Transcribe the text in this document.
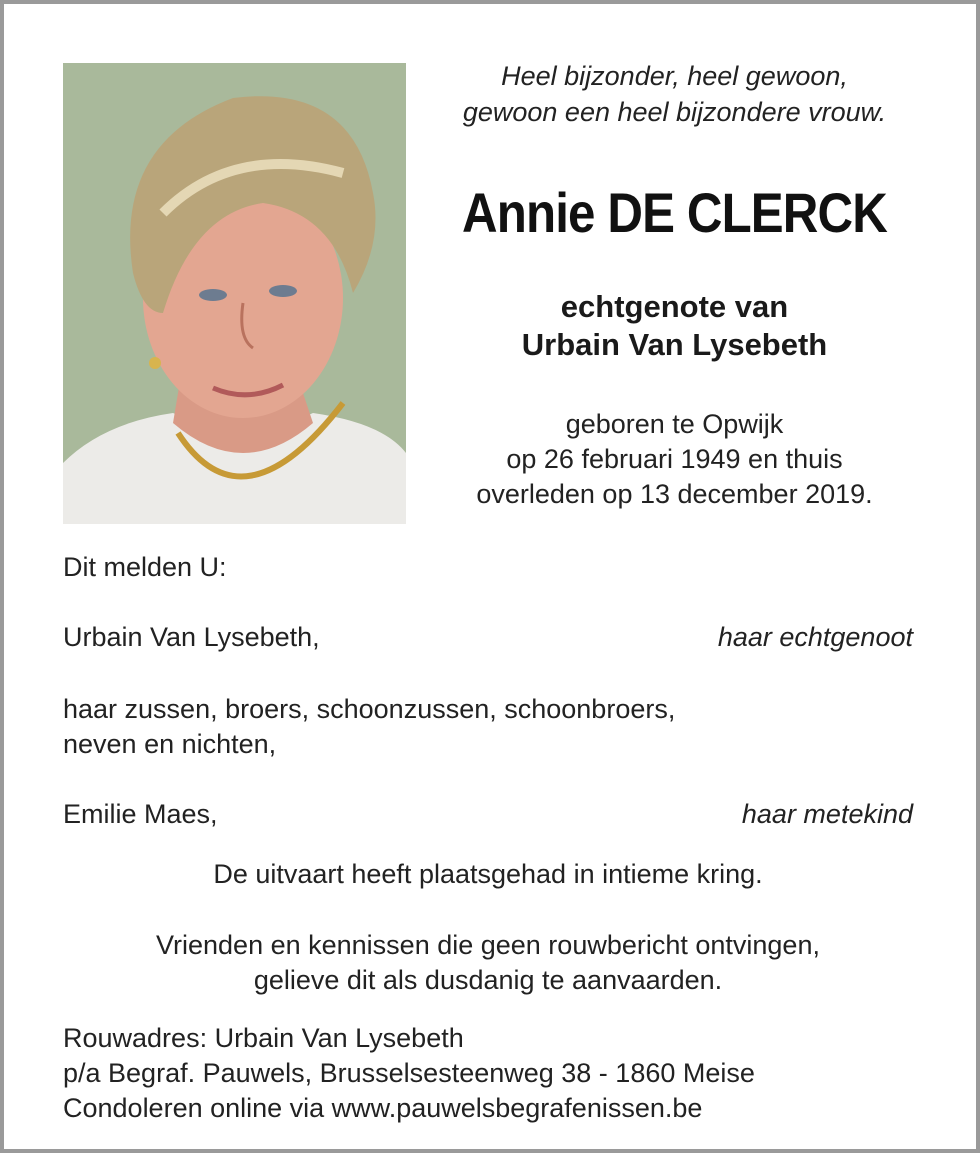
Heel bijzonder, heel gewoon,
gewoon een heel bijzondere vrouw.
Annie DE CLERCK
echtgenote van
Urbain Van Lysebeth
geboren te Opwijk
op 26 februari 1949 en thuis
overleden op 13 december 2019.
Dit melden U:
Urbain Van Lysebeth,	haar echtgenoot
haar zussen, broers, schoonzussen, schoonbroers,
neven en nichten,
Emilie Maes,	haar metekind
De uitvaart heeft plaatsgehad in intieme kring.
Vrienden en kennissen die geen rouwbericht ontvingen,
gelieve dit als dusdanig te aanvaarden.
Rouwadres: Urbain Van Lysebeth
p/a Begraf. Pauwels, Brusselsesteenweg 38 - 1860 Meise
Condoleren online via www.pauwelsbegrafenissen.be
